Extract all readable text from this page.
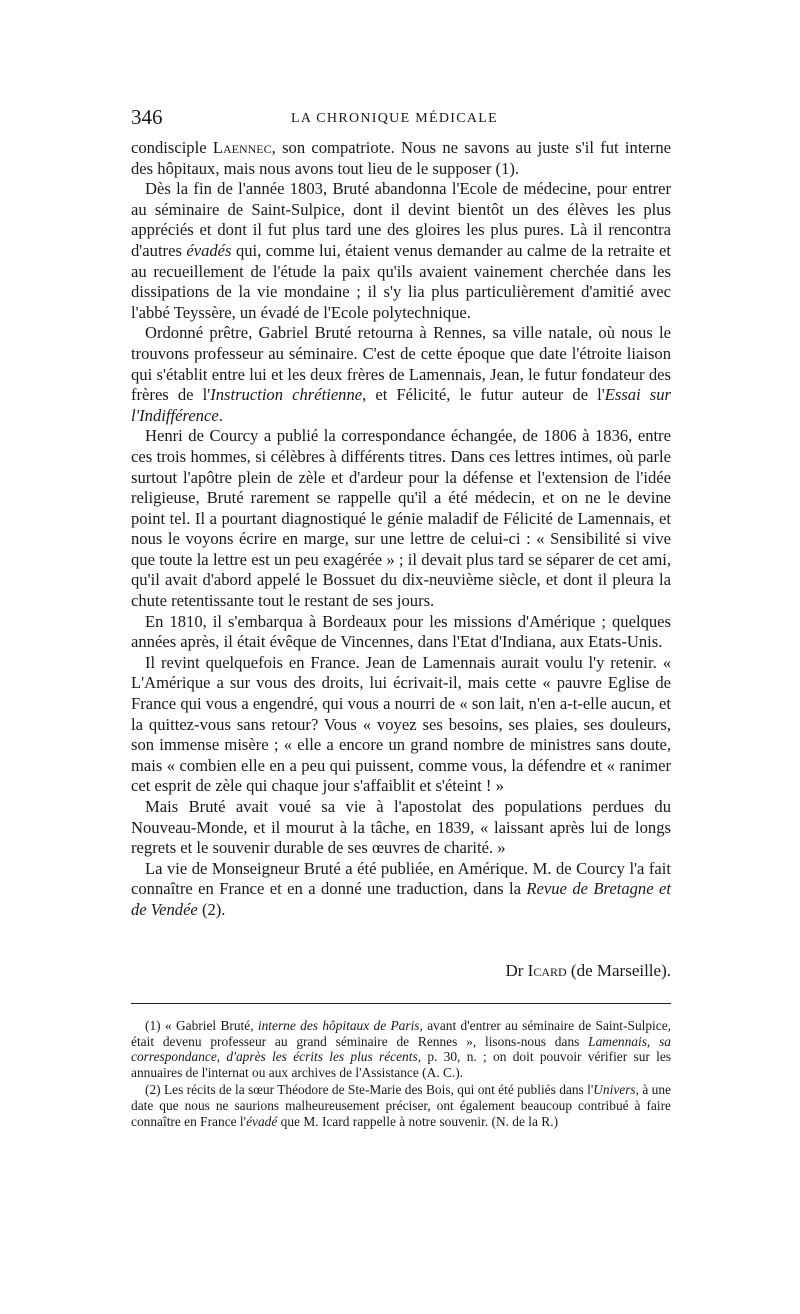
346	LA CHRONIQUE MÉDICALE

condisciple Laennec, son compatriote. Nous ne savons au juste s'il fut interne des hôpitaux, mais nous avons tout lieu de le supposer (1).

Dès la fin de l'année 1803, Bruté abandonna l'Ecole de médecine, pour entrer au séminaire de Saint-Sulpice, dont il devint bientôt un des élèves les plus appréciés et dont il fut plus tard une des gloires les plus pures. Là il rencontra d'autres évadés qui, comme lui, étaient venus demander au calme de la retraite et au recueillement de l'étude la paix qu'ils avaient vainement cherchée dans les dissipations de la vie mondaine ; il s'y lia plus particulièrement d'amitié avec l'abbé Teyssère, un évadé de l'Ecole polytechnique.

Ordonné prêtre, Gabriel Bruté retourna à Rennes, sa ville natale, où nous le trouvons professeur au séminaire. C'est de cette époque que date l'étroite liaison qui s'établit entre lui et les deux frères de Lamennais, Jean, le futur fondateur des frères de l'Instruction chrétienne, et Félicité, le futur auteur de l'Essai sur l'Indifférence.

Henri de Courcy a publié la correspondance échangée, de 1806 à 1836, entre ces trois hommes, si célèbres à différents titres. Dans ces lettres intimes, où parle surtout l'apôtre plein de zèle et d'ardeur pour la défense et l'extension de l'idée religieuse, Bruté rarement se rappelle qu'il a été médecin, et on ne le devine point tel. Il a pourtant diagnostiqué le génie maladif de Félicité de Lamennais, et nous le voyons écrire en marge, sur une lettre de celui-ci : « Sensibilité si vive que toute la lettre est un peu exagérée » ; il devait plus tard se séparer de cet ami, qu'il avait d'abord appelé le Bossuet du dix-neuvième siècle, et dont il pleura la chute retentissante tout le restant de ses jours.

En 1810, il s'embarqua à Bordeaux pour les missions d'Amérique ; quelques années après, il était évêque de Vincennes, dans l'Etat d'Indiana, aux Etats-Unis.

Il revint quelquefois en France. Jean de Lamennais aurait voulu l'y retenir. « L'Amérique a sur vous des droits, lui écrivait-il, mais cette « pauvre Eglise de France qui vous a engendré, qui vous a nourri de « son lait, n'en a-t-elle aucun, et la quittez-vous sans retour? Vous « voyez ses besoins, ses plaies, ses douleurs, son immense misère ; « elle a encore un grand nombre de ministres sans doute, mais « combien elle en a peu qui puissent, comme vous, la défendre et « ranimer cet esprit de zèle qui chaque jour s'affaiblit et s'éteint ! »

Mais Bruté avait voué sa vie à l'apostolat des populations perdues du Nouveau-Monde, et il mourut à la tâche, en 1839, « laissant après lui de longs regrets et le souvenir durable de ses œuvres de charité. »

La vie de Monseigneur Bruté a été publiée, en Amérique. M. de Courcy l'a fait connaître en France et en a donné une traduction, dans la Revue de Bretagne et de Vendée (2).

Dr Icard (de Marseille).

(1) « Gabriel Bruté, interne des hôpitaux de Paris, avant d'entrer au séminaire de Saint-Sulpice, était devenu professeur au grand séminaire de Rennes », lisons-nous dans Lamennais, sa correspondance, d'après les écrits les plus récents, p. 30, n. ; on doit pouvoir vérifier sur les annuaires de l'internat ou aux archives de l'Assistance (A. C.).

(2) Les récits de la sœur Théodore de Ste-Marie des Bois, qui ont été publiés dans l'Univers, à une date que nous ne saurions malheureusement préciser, ont également beaucoup contribué à faire connaître en France l'évadé que M. Icard rappelle à notre souvenir. (N. de la R.)
